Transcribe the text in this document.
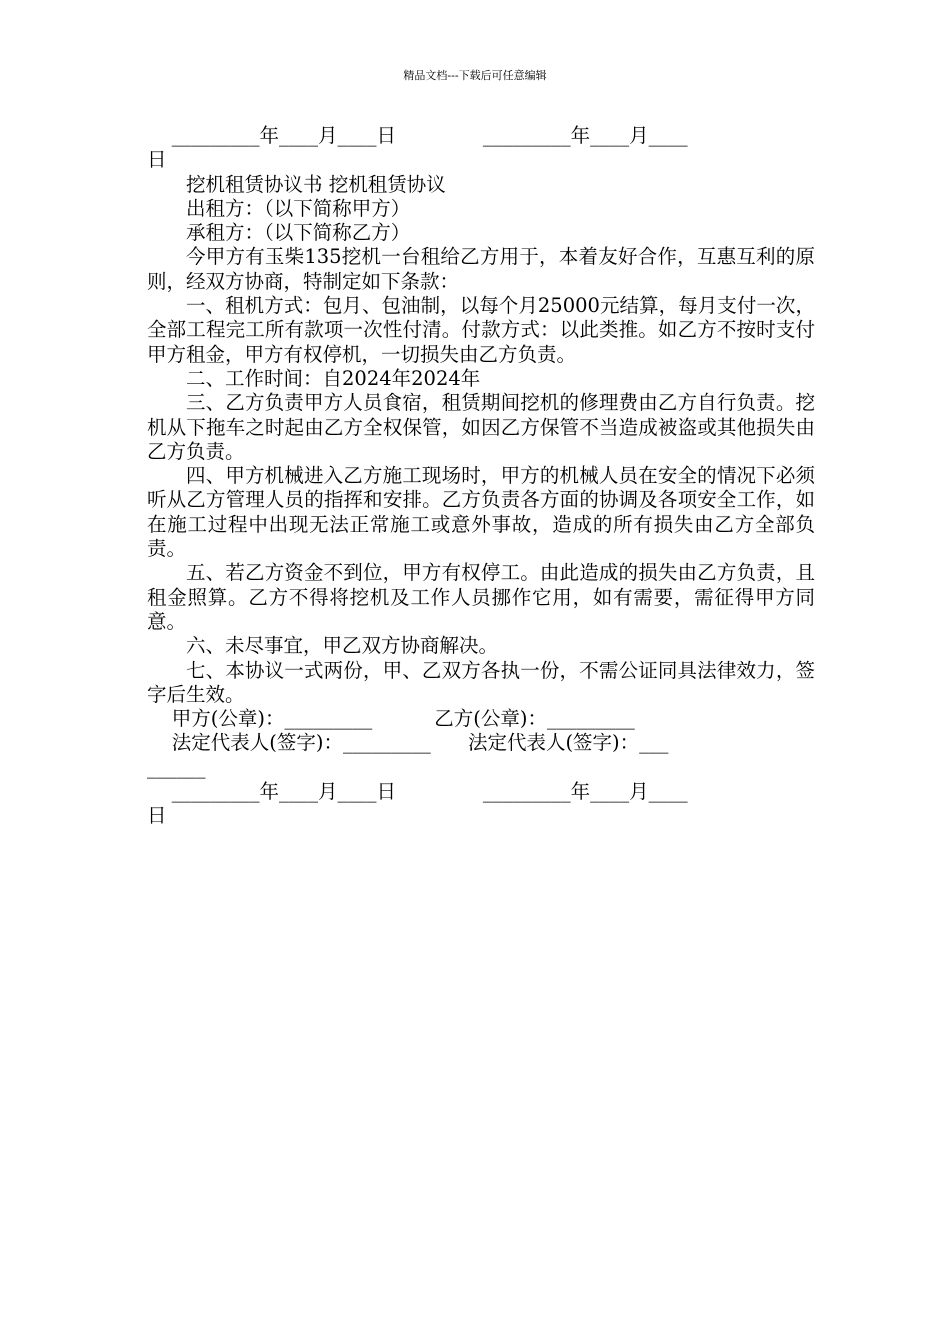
精品文档---下载后可任意编辑

_________年____月____日              _________年____月____

日

挖机租赁协议书 挖机租赁协议

出租方：（以下简称甲方）

承租方：（以下简称乙方）

今甲方有玉柴135挖机一台租给乙方用于，本着友好合作，互惠互利的原则，经双方协商，特制定如下条款：

一、租机方式：包月、包油制，以每个月25000元结算，每月支付一次，全部工程完工所有款项一次性付清。付款方式：以此类推。如乙方不按时支付甲方租金，甲方有权停机，一切损失由乙方负责。

二、工作时间：自2024年2024年

三、乙方负责甲方人员食宿，租赁期间挖机的修理费由乙方自行负责。挖机从下拖车之时起由乙方全权保管，如因乙方保管不当造成被盗或其他损失由乙方负责。

四、甲方机械进入乙方施工现场时，甲方的机械人员在安全的情况下必须听从乙方管理人员的指挥和安排。乙方负责各方面的协调及各项安全工作，如在施工过程中出现无法正常施工或意外事故，造成的所有损失由乙方全部负责。

五、若乙方资金不到位，甲方有权停工。由此造成的损失由乙方负责，且租金照算。乙方不得将挖机及工作人员挪作它用，如有需要，需征得甲方同意。

六、未尽事宜，甲乙双方协商解决。

七、本协议一式两份，甲、乙双方各执一份，不需公证同具法律效力，签字后生效。

甲方(公章)：_________          乙方(公章)：_________

法定代表人(签字)：_________      法定代表人(签字)：___

______

_________年____月____日              _________年____月____

日
